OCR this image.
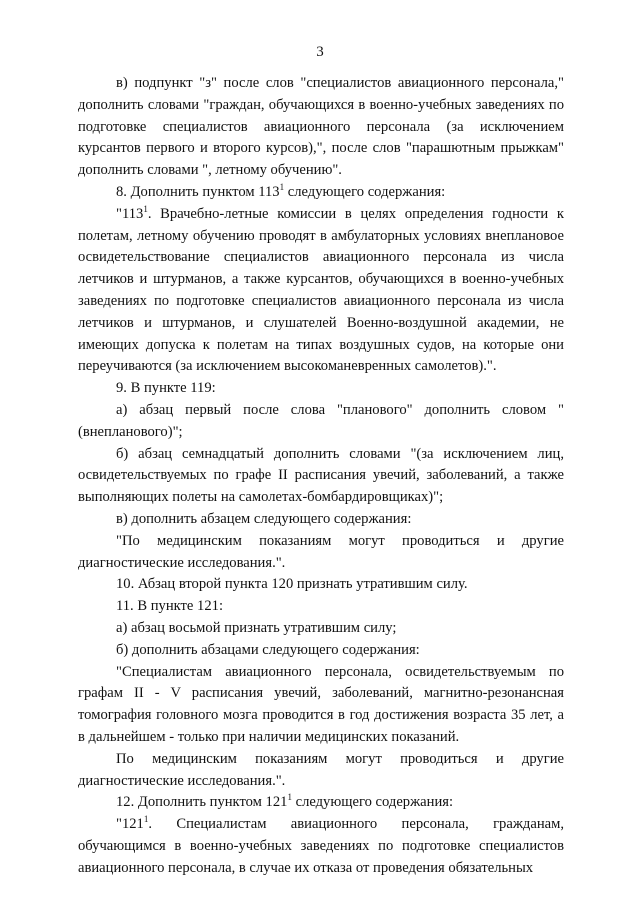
3

в) подпункт "з" после слов "специалистов авиационного персонала," дополнить словами "граждан, обучающихся в военно-учебных заведениях по подготовке специалистов авиационного персонала (за исключением курсантов первого и второго курсов),", после слов "парашютным прыжкам" дополнить словами ", летному обучению".

8. Дополнить пунктом $113^1$ следующего содержания:

"$113^1$. Врачебно-летные комиссии в целях определения годности к полетам, летному обучению проводят в амбулаторных условиях внеплановое освидетельствование специалистов авиационного персонала из числа летчиков и штурманов, а также курсантов, обучающихся в военно-учебных заведениях по подготовке специалистов авиационного персонала из числа летчиков и штурманов, и слушателей Военно-воздушной академии, не имеющих допуска к полетам на типах воздушных судов, на которые они переучиваются (за исключением высокоманевренных самолетов).".

9. В пункте 119:

а) абзац первый после слова "планового" дополнить словом "(внепланового)";

б) абзац семнадцатый дополнить словами "(за исключением лиц, освидетельствуемых по графе II расписания увечий, заболеваний, а также выполняющих полеты на самолетах-бомбардировщиках)";

в) дополнить абзацем следующего содержания:

"По медицинским показаниям могут проводиться и другие диагностические исследования.".

10. Абзац второй пункта 120 признать утратившим силу.

11. В пункте 121:

а) абзац восьмой признать утратившим силу;

б) дополнить абзацами следующего содержания:

"Специалистам авиационного персонала, освидетельствуемым по графам II - V расписания увечий, заболеваний, магнитно-резонансная томография головного мозга проводится в год достижения возраста 35 лет, а в дальнейшем - только при наличии медицинских показаний.

По медицинским показаниям могут проводиться и другие диагностические исследования.".

12. Дополнить пунктом $121^1$ следующего содержания:

"$121^1$. Специалистам авиационного персонала, гражданам, обучающимся в военно-учебных заведениях по подготовке специалистов авиационного персонала, в случае их отказа от проведения обязательных
